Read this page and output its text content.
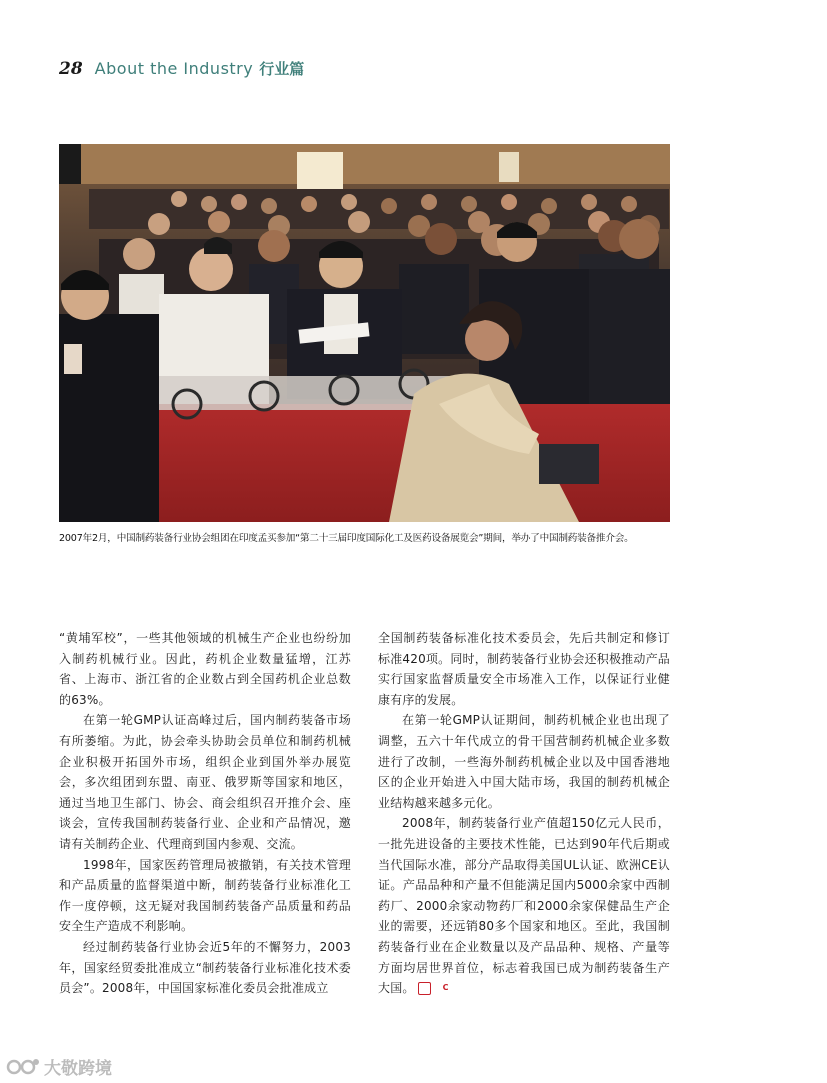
28 About the Industry 行业篇
2007年2月，中国制药装备行业协会组团在印度孟买参加“第二十三届印度国际化工及医药设备展览会”期间，举办了中国制药装备推介会。

“黄埔军校”，一些其他领域的机械生产企业也纷纷加入制药机械行业。因此，药机企业数量猛增，江苏省、上海市、浙江省的企业数占到全国药机企业总数的63%。

在第一轮GMP认证高峰过后，国内制药装备市场有所萎缩。为此，协会牵头协助会员单位和制药机械企业积极开拓国外市场，组织企业到国外举办展览会，多次组团到东盟、南亚、俄罗斯等国家和地区，通过当地卫生部门、协会、商会组织召开推介会、座谈会，宣传我国制药装备行业、企业和产品情况，邀请有关制药企业、代理商到国内参观、交流。

1998年，国家医药管理局被撤销，有关技术管理和产品质量的监督渠道中断，制药装备行业标准化工作一度停顿，这无疑对我国制药装备产品质量和药品安全生产造成不利影响。

经过制药装备行业协会近5年的不懈努力，2003年，国家经贸委批准成立“制药装备行业标准化技术委员会”。2008年，中国国家标准化委员会批准成立

全国制药装备标准化技术委员会，先后共制定和修订标准420项。同时，制药装备行业协会还积极推动产品实行国家监督质量安全市场准入工作，以保证行业健康有序的发展。

在第一轮GMP认证期间，制药机械企业也出现了调整，五六十年代成立的骨干国营制药机械企业多数进行了改制，一些海外制药机械企业以及中国香港地区的企业开始进入中国大陆市场，我国的制药机械企业结构越来越多元化。

2008年，制药装备行业产值超150亿元人民币，一批先进设备的主要技术性能，已达到90年代后期或当代国际水准，部分产品取得美国UL认证、欧洲CE认证。产品品种和产量不但能满足国内5000余家中西制药厂、2000余家动物药厂和2000余家保健品生产企业的需要，还远销80多个国家和地区。至此，我国制药装备行业在企业数量以及产品品种、规格、产量等方面均居世界首位，标志着我国已成为制药装备生产大国。	C

大敬跨境
